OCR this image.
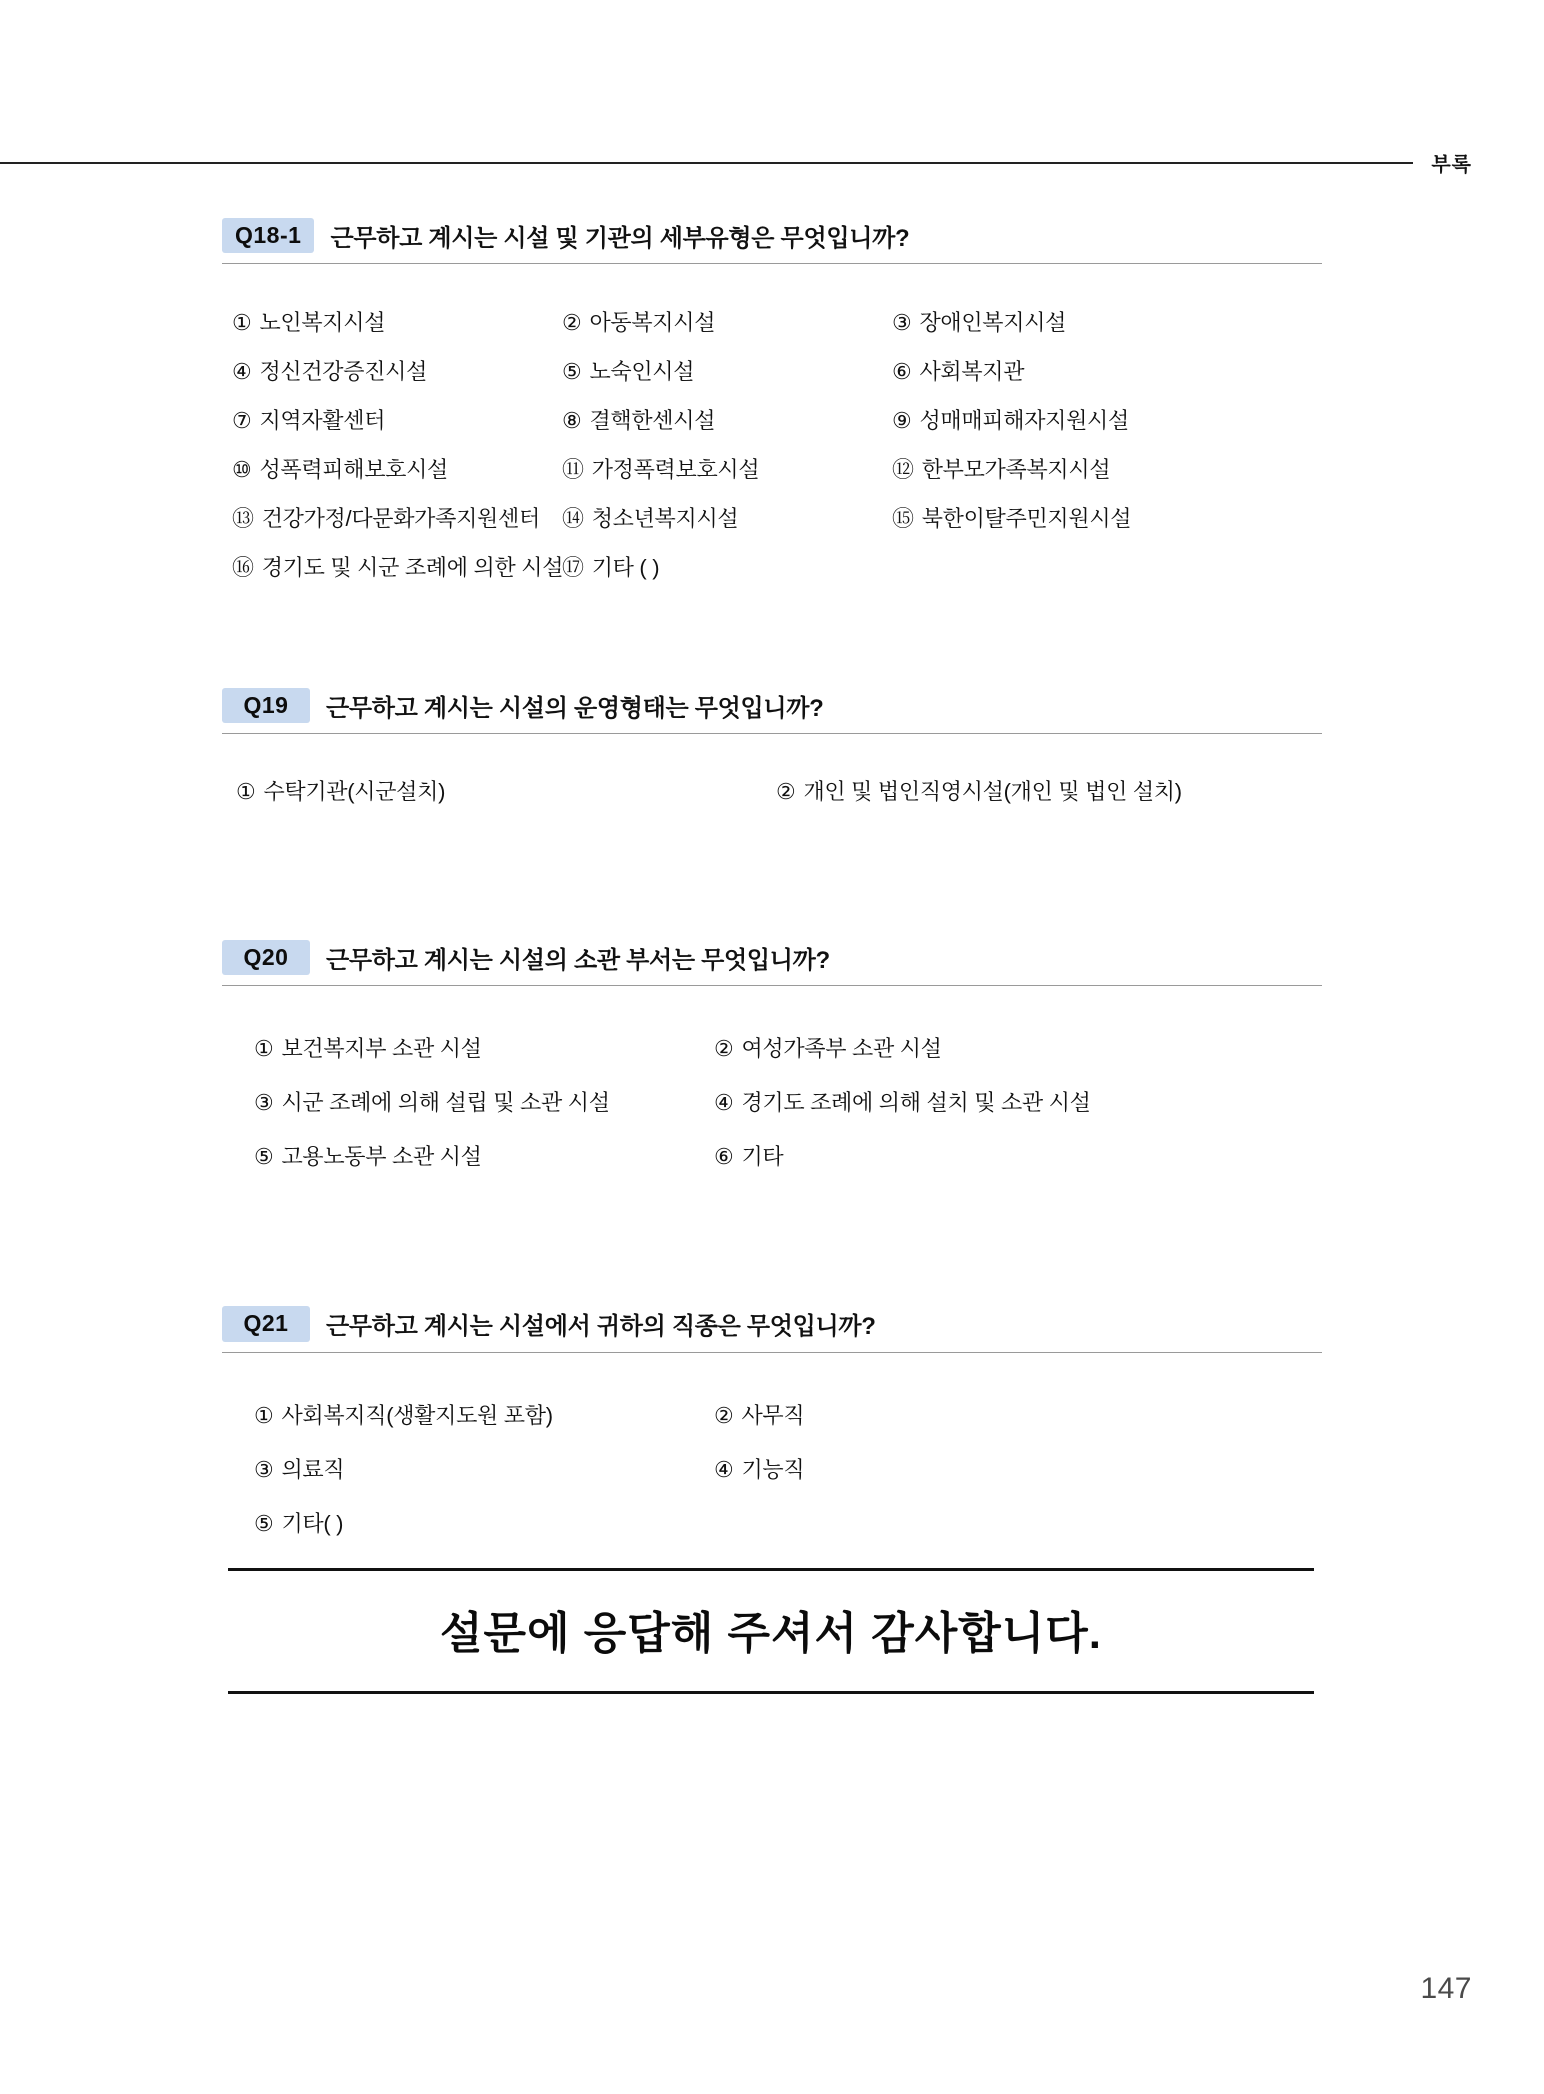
부록
Q18-1	근무하고 계시는 시설 및 기관의 세부유형은 무엇입니까?
① 노인복지시설	② 아동복지시설	③ 장애인복지시설
④ 정신건강증진시설	⑤ 노숙인시설	⑥ 사회복지관
⑦ 지역자활센터	⑧ 결핵한센시설	⑨ 성매매피해자지원시설
⑩ 성폭력피해보호시설	⑪ 가정폭력보호시설	⑫ 한부모가족복지시설
⑬ 건강가정/다문화가족지원센터	⑭ 청소년복지시설	⑮ 북한이탈주민지원시설
⑯ 경기도 및 시군 조례에 의한 시설
⑰ 기타 ( )
Q19	근무하고 계시는 시설의 운영형태는 무엇입니까?
① 수탁기관(시군설치)	② 개인 및 법인직영시설(개인 및 법인 설치)
Q20	근무하고 계시는 시설의 소관 부서는 무엇입니까?
① 보건복지부 소관 시설	② 여성가족부 소관 시설
③ 시군 조례에 의해 설립 및 소관 시설	④ 경기도 조례에 의해 설치 및 소관 시설
⑤ 고용노동부 소관 시설	⑥ 기타
Q21	근무하고 계시는 시설에서 귀하의 직종은 무엇입니까?
① 사회복지직(생활지도원 포함)	② 사무직
③ 의료직	④ 기능직
⑤ 기타( )
설문에 응답해 주셔서 감사합니다.
147
